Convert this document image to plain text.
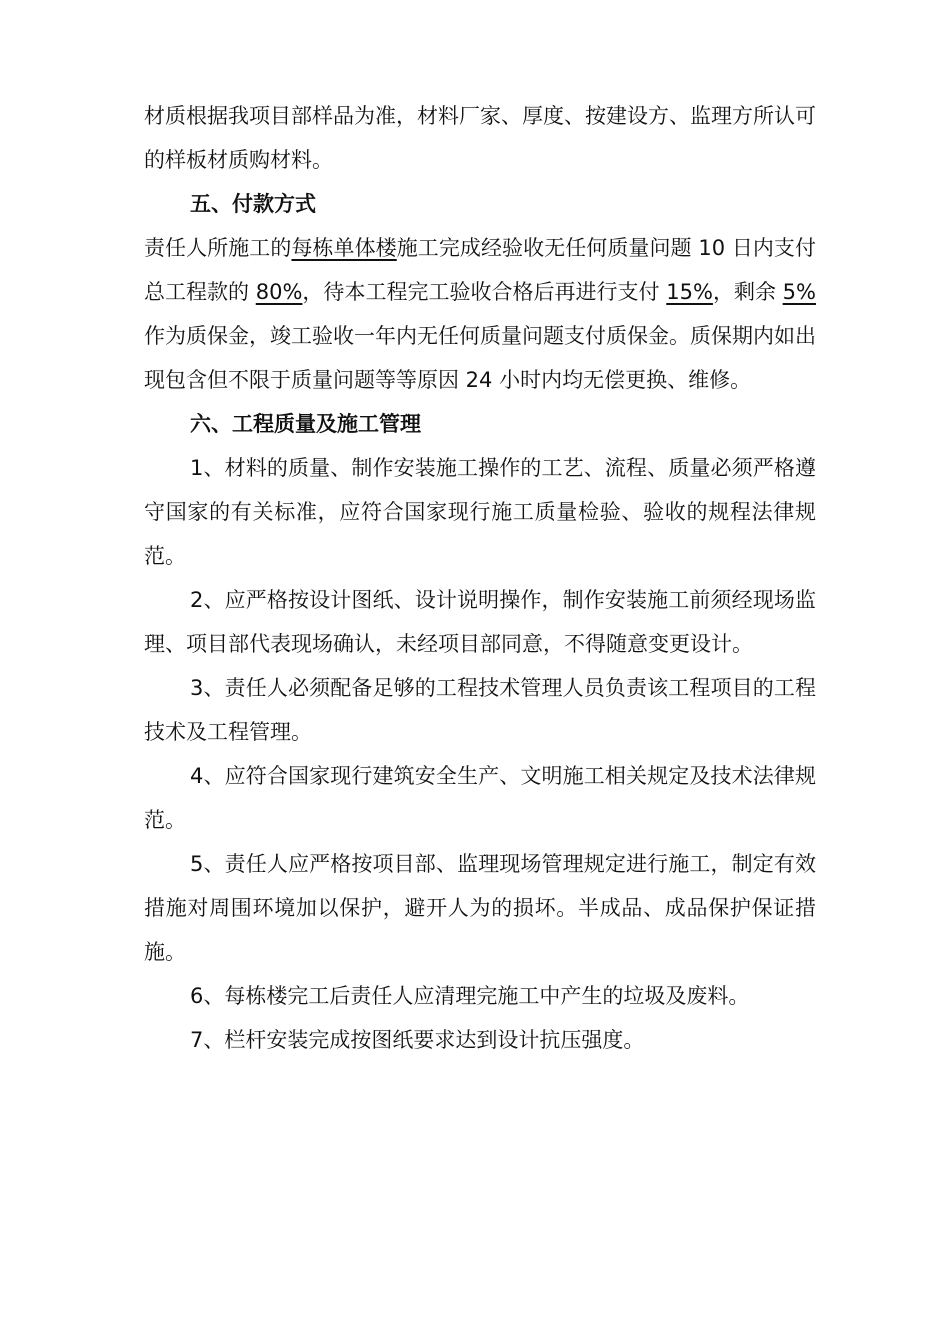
材质根据我项目部样品为准，材料厂家、厚度、按建设方、监理方所认可的样板材质购材料。

五、付款方式

责任人所施工的每栋单体楼施工完成经验收无任何质量问题 10 日内支付总工程款的 80%，待本工程完工验收合格后再进行支付 15%，剩余 5%作为质保金，竣工验收一年内无任何质量问题支付质保金。质保期内如出现包含但不限于质量问题等等原因 24 小时内均无偿更换、维修。

六、工程质量及施工管理

1、材料的质量、制作安装施工操作的工艺、流程、质量必须严格遵守国家的有关标准，应符合国家现行施工质量检验、验收的规程法律规范。

2、应严格按设计图纸、设计说明操作，制作安装施工前须经现场监理、项目部代表现场确认，未经项目部同意，不得随意变更设计。

3、责任人必须配备足够的工程技术管理人员负责该工程项目的工程技术及工程管理。

4、应符合国家现行建筑安全生产、文明施工相关规定及技术法律规范。

5、责任人应严格按项目部、监理现场管理规定进行施工，制定有效措施对周围环境加以保护，避开人为的损坏。半成品、成品保护保证措施。

6、每栋楼完工后责任人应清理完施工中产生的垃圾及废料。

7、栏杆安装完成按图纸要求达到设计抗压强度。
